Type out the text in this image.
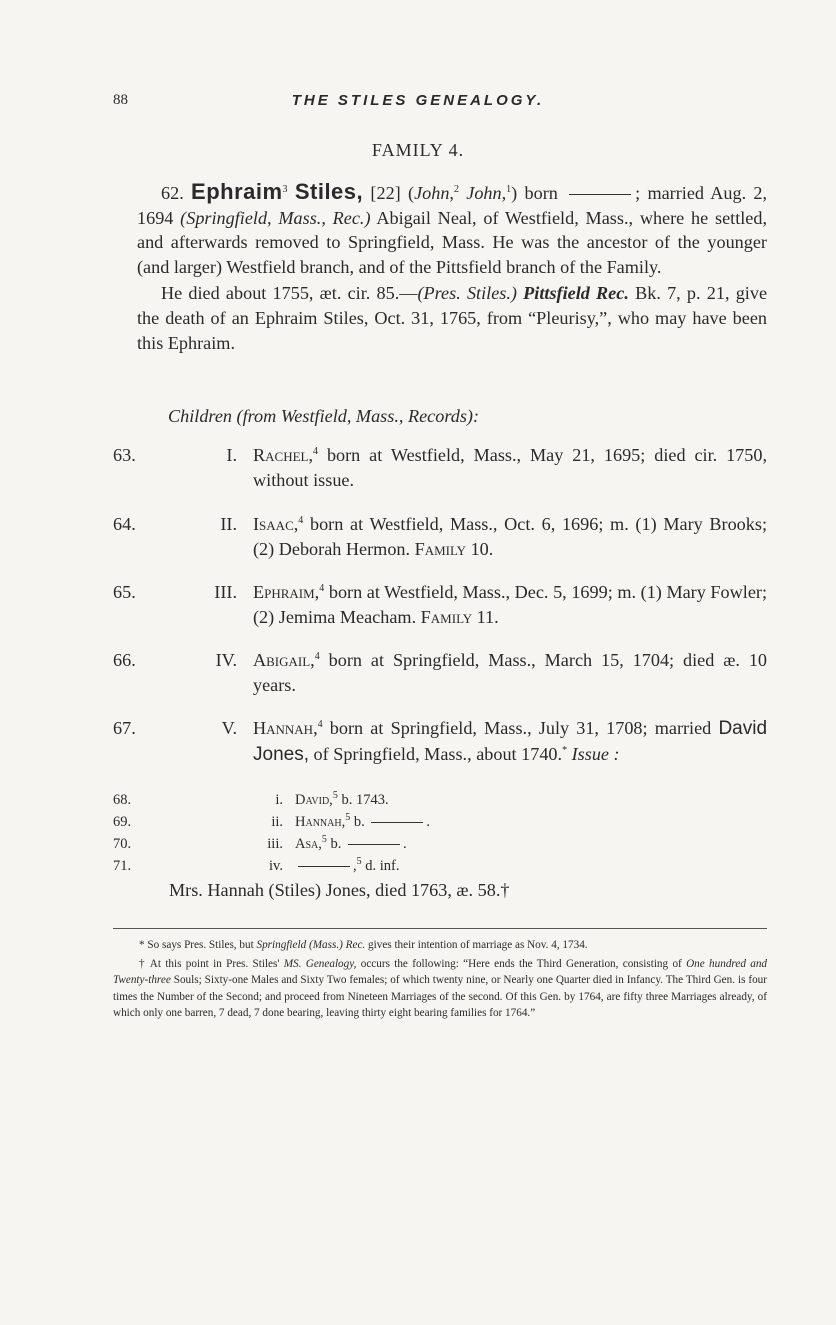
88	THE STILES GENEALOGY.
FAMILY 4.

62. Ephraim$^3$ Stiles, [22] (John,$^2$ John,$^1$) born	; married Aug. 2, 1694 (Springfield, Mass., Rec.) Abigail Neal, of Westfield, Mass., where he settled, and afterwards removed to Springfield, Mass. He was the ancestor of the younger (and larger) Westfield branch, and of the Pittsfield branch of the Family.

He died about 1755, æt. cir. 85.—(Pres. Stiles.) Pittsfield Rec. Bk. 7, p. 21, give the death of an Ephraim Stiles, Oct. 31, 1765, from “Pleurisy,”, who may have been this Ephraim.

Children (from Westfield, Mass., Records):
63.	I. Rachel,$^4$ born at Westfield, Mass., May 21, 1695; died cir. 1750, without issue.
64.	II. Isaac,$^4$ born at Westfield, Mass., Oct. 6, 1696; m. (1) Mary Brooks; (2) Deborah Hermon. Family 10.
65.	III. Ephraim,$^4$ born at Westfield, Mass., Dec. 5, 1699; m. (1) Mary Fowler; (2) Jemima Meacham. Family 11.
66.	IV. Abigail,$^4$ born at Springfield, Mass., March 15, 1704; died æ. 10 years.
67.	V. Hannah,$^4$ born at Springfield, Mass., July 31, 1708; married David Jones, of Springfield, Mass., about 1740.* Issue :
68.	i. David,$^5$ b. 1743.
69.	ii. Hannah,$^5$ b.	.
70.	iii. Asa,$^5$ b.	.
71.	iv.	,$^5$ d. inf.
Mrs. Hannah (Stiles) Jones, died 1763, æ. 58.†

* So says Pres. Stiles, but Springfield (Mass.) Rec. gives their intention of marriage as Nov. 4, 1734.

† At this point in Pres. Stiles' MS. Genealogy, occurs the following: “Here ends the Third Generation, consisting of One hundred and Twenty-three Souls; Sixty-one Males and Sixty Two females; of which twenty nine, or Nearly one Quarter died in Infancy. The Third Gen. is four times the Number of the Second; and proceed from Nineteen Marriages of the second. Of this Gen. by 1764, are fifty three Marriages already, of which only one barren, 7 dead, 7 done bearing, leaving thirty eight bearing families for 1764.”
